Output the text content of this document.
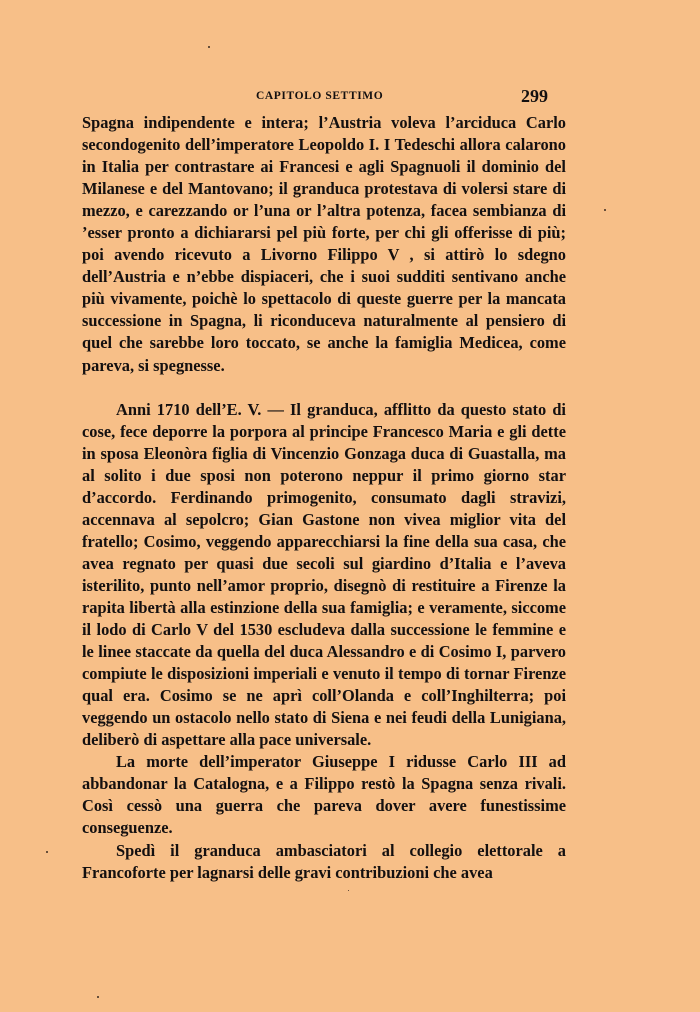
CAPITOLO SETTIMO	299

Spagna indipendente e intera; l’Austria voleva l’arciduca Carlo secondogenito dell’imperatore Leopoldo I. I Tedeschi allora calarono in Italia per contrastare ai Francesi e agli Spagnuoli il dominio del Milanese e del Mantovano; il granduca protestava di volersi stare di mezzo, e carezzando or l’una or l’altra potenza, facea sembianza di ’esser pronto a dichiararsi pel più forte, per chi gli offerisse di più; poi avendo ricevuto a Livorno Filippo V , si attirò lo sdegno dell’Austria e n’ebbe dispiaceri, che i suoi sudditi sentivano anche più vivamente, poichè lo spettacolo di queste guerre per la mancata successione in Spagna, li riconduceva naturalmente al pensiero di quel che sarebbe loro toccato, se anche la famiglia Medicea, come pareva, si spegnesse.

Anni 1710 dell’E. V. — Il granduca, afflitto da questo stato di cose, fece deporre la porpora al principe Francesco Maria e gli dette in sposa Eleonòra figlia di Vincenzio Gonzaga duca di Guastalla, ma al solito i due sposi non poterono neppur il primo giorno star d’accordo. Ferdinando primogenito, consumato dagli stravizi, accennava al sepolcro; Gian Gastone non vivea miglior vita del fratello; Cosimo, veggendo apparecchiarsi la fine della sua casa, che avea regnato per quasi due secoli sul giardino d’Italia e l’aveva isterilito, punto nell’amor proprio, disegnò di restituire a Firenze la rapita libertà alla estinzione della sua famiglia; e veramente, siccome il lodo di Carlo V del 1530 escludeva dalla successione le femmine e le linee staccate da quella del duca Alessandro e di Cosimo I, parvero compiute le disposizioni imperiali e venuto il tempo di tornar Firenze qual era. Cosimo se ne aprì coll’Olanda e coll’Inghilterra; poi veggendo un ostacolo nello stato di Siena e nei feudi della Lunigiana, deliberò di aspettare alla pace universale.

La morte dell’imperator Giuseppe I ridusse Carlo III ad abbandonar la Catalogna, e a Filippo restò la Spagna senza rivali. Così cessò una guerra che pareva dover avere funestissime conseguenze.

Spedì il granduca ambasciatori al collegio elettorale a Francoforte per lagnarsi delle gravi contribuzioni che avea
